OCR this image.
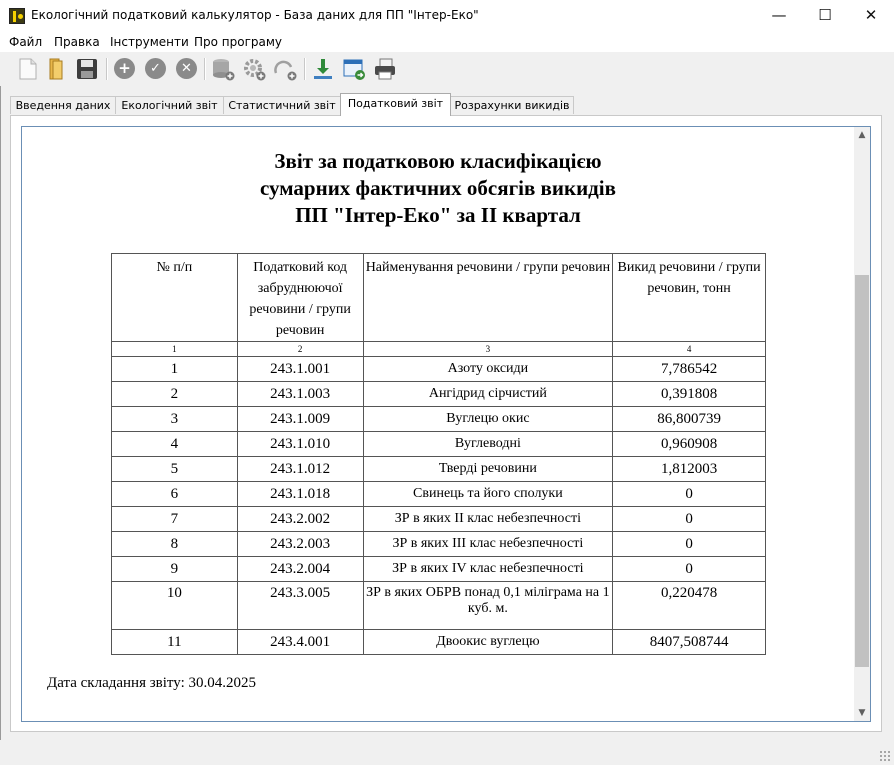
Екологічний податковий калькулятор - База даних для ПП "Інтер-Еко"	—	☐	✕
Файл Правка Інструменти Про програму
+	✓	✕
Введення даних Екологічний звіт Статистичний звіт	Податковий звіт	Розрахунки викидів
Звіт за податковою класифікацією
сумарних фактичних обсягів викидів
ПП "Інтер-Еко" за ІІ квартал
№ п/п	Податковий код забруднюючої речовини / групи речовин	Найменування речовини / групи речовин	Викид речовини / групи речовин, тонн
1	2	3	4
1	243.1.001	Азоту оксиди	7,786542
2	243.1.003	Ангідрид сірчистий	0,391808
3	243.1.009	Вуглецю окис	86,800739
4	243.1.010	Вуглеводні	0,960908
5	243.1.012	Тверді речовини	1,812003
6	243.1.018	Свинець та його сполуки	0
7	243.2.002	ЗР в яких ІІ клас небезпечності	0
8	243.2.003	ЗР в яких ІІІ клас небезпечності	0
9	243.2.004	ЗР в яких IV клас небезпечності	0
10	243.3.005	ЗР в яких ОБРВ понад 0,1 міліграма на 1 куб. м.	0,220478
11	243.4.001	Двоокис вуглецю	8407,508744
Дата складання звіту: 30.04.2025
▲
▼
